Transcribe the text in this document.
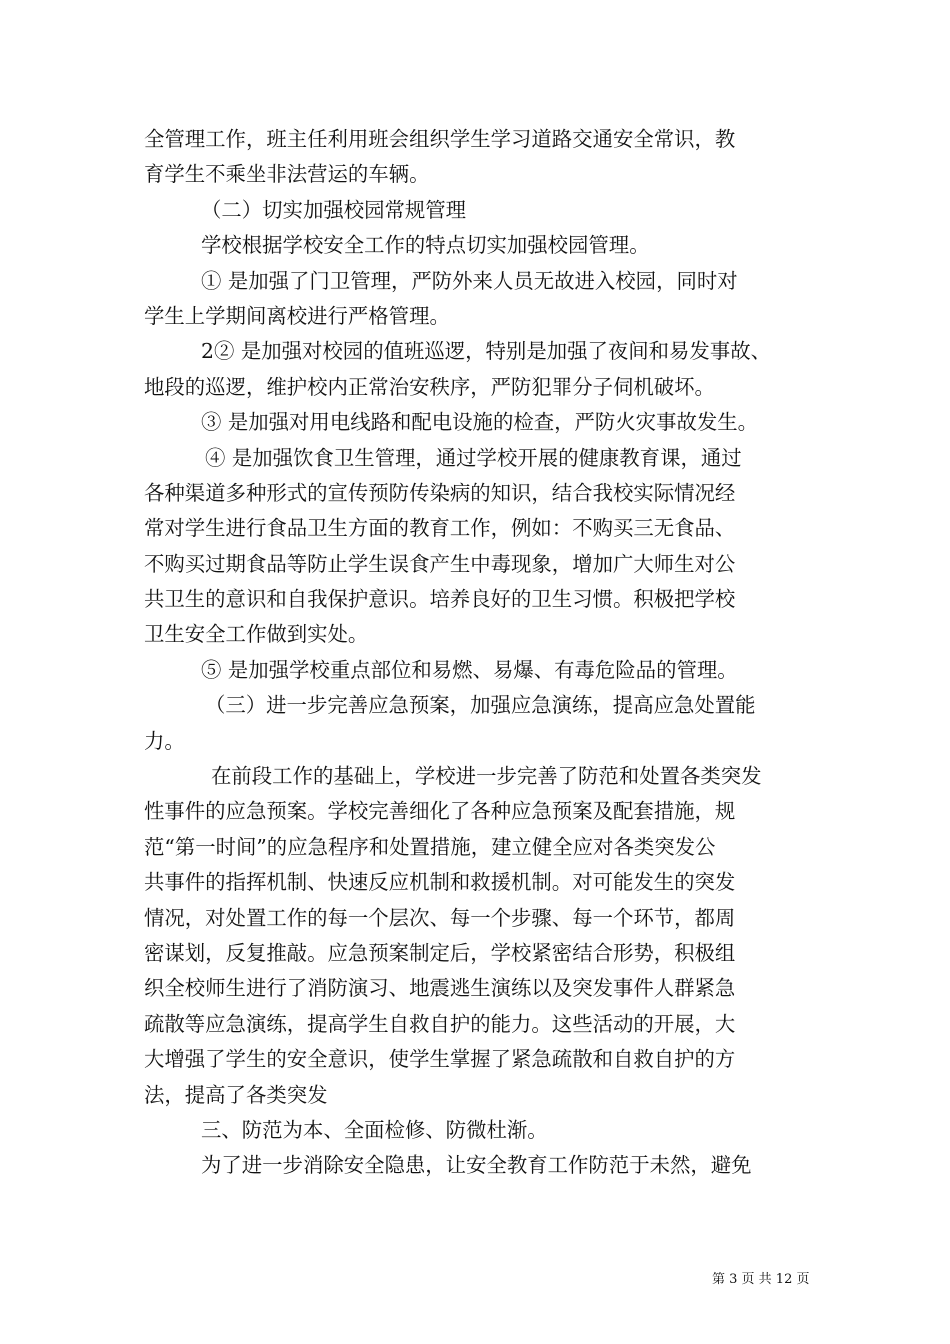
全管理工作，班主任利用班会组织学生学习道路交通安全常识，教
育学生不乘坐非法营运的车辆。
（二）切实加强校园常规管理
学校根据学校安全工作的特点切实加强校园管理。
① 是加强了门卫管理，严防外来人员无故进入校园，同时对
学生上学期间离校进行严格管理。
2② 是加强对校园的值班巡逻，特别是加强了夜间和易发事故、
地段的巡逻，维护校内正常治安秩序，严防犯罪分子伺机破坏。
③ 是加强对用电线路和配电设施的检查，严防火灾事故发生。
④ 是加强饮食卫生管理，通过学校开展的健康教育课，通过
各种渠道多种形式的宣传预防传染病的知识，结合我校实际情况经
常对学生进行食品卫生方面的教育工作，例如：不购买三无食品、
不购买过期食品等防止学生误食产生中毒现象，增加广大师生对公
共卫生的意识和自我保护意识。培养良好的卫生习惯。积极把学校
卫生安全工作做到实处。
⑤ 是加强学校重点部位和易燃、易爆、有毒危险品的管理。
（三）进一步完善应急预案，加强应急演练，提高应急处置能
力。
在前段工作的基础上，学校进一步完善了防范和处置各类突发
性事件的应急预案。学校完善细化了各种应急预案及配套措施，规
范“第一时间”的应急程序和处置措施，建立健全应对各类突发公
共事件的指挥机制、快速反应机制和救援机制。对可能发生的突发
情况，对处置工作的每一个层次、每一个步骤、每一个环节，都周
密谋划，反复推敲。应急预案制定后，学校紧密结合形势，积极组
织全校师生进行了消防演习、地震逃生演练以及突发事件人群紧急
疏散等应急演练，提高学生自救自护的能力。这些活动的开展，大
大增强了学生的安全意识，使学生掌握了紧急疏散和自救自护的方
法，提高了各类突发
三、防范为本、全面检修、防微杜渐。
为了进一步消除安全隐患，让安全教育工作防范于未然，避免
第 3 页 共 12 页
